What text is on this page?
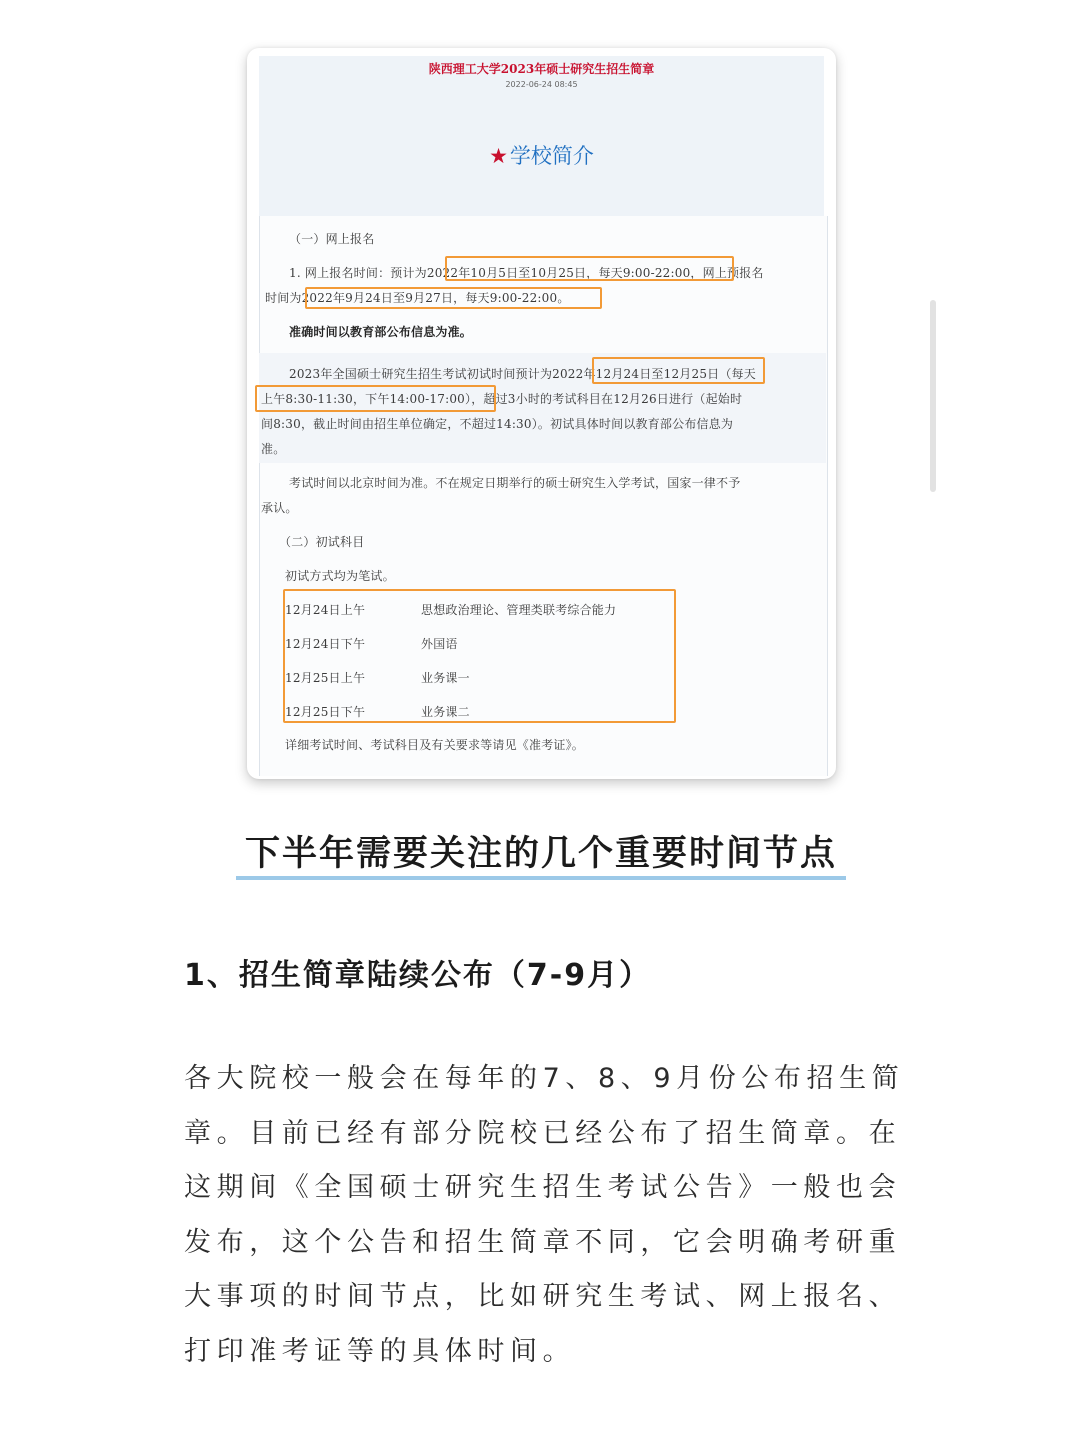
陕西理工大学2023年硕士研究生招生简章
2022-06-24 08:45
★学校简介
（一）网上报名
1. 网上报名时间：预计为2022年10月5日至10月25日，每天9:00-22:00，网上预报名
时间为2022年9月24日至9月27日，每天9:00-22:00。
准确时间以教育部公布信息为准。
2023年全国硕士研究生招生考试初试时间预计为2022年12月24日至12月25日（每天
上午8:30-11:30，下午14:00-17:00），超过3小时的考试科目在12月26日进行（起始时
间8:30，截止时间由招生单位确定，不超过14:30）。初试具体时间以教育部公布信息为
准。
考试时间以北京时间为准。不在规定日期举行的硕士研究生入学考试，国家一律不予
承认。
（二）初试科目
初试方式均为笔试。
12月24日上午	思想政治理论、管理类联考综合能力
12月24日下午	外国语
12月25日上午	业务课一
12月25日下午	业务课二
详细考试时间、考试科目及有关要求等请见《准考证》。
下半年需要关注的几个重要时间节点
1、招生简章陆续公布（7-9月）
各大院校一般会在每年的7、8、9月份公布招生简
章。目前已经有部分院校已经公布了招生简章。在
这期间《全国硕士研究生招生考试公告》一般也会
发布，这个公告和招生简章不同，它会明确考研重
大事项的时间节点，比如研究生考试、网上报名、
打印准考证等的具体时间。
